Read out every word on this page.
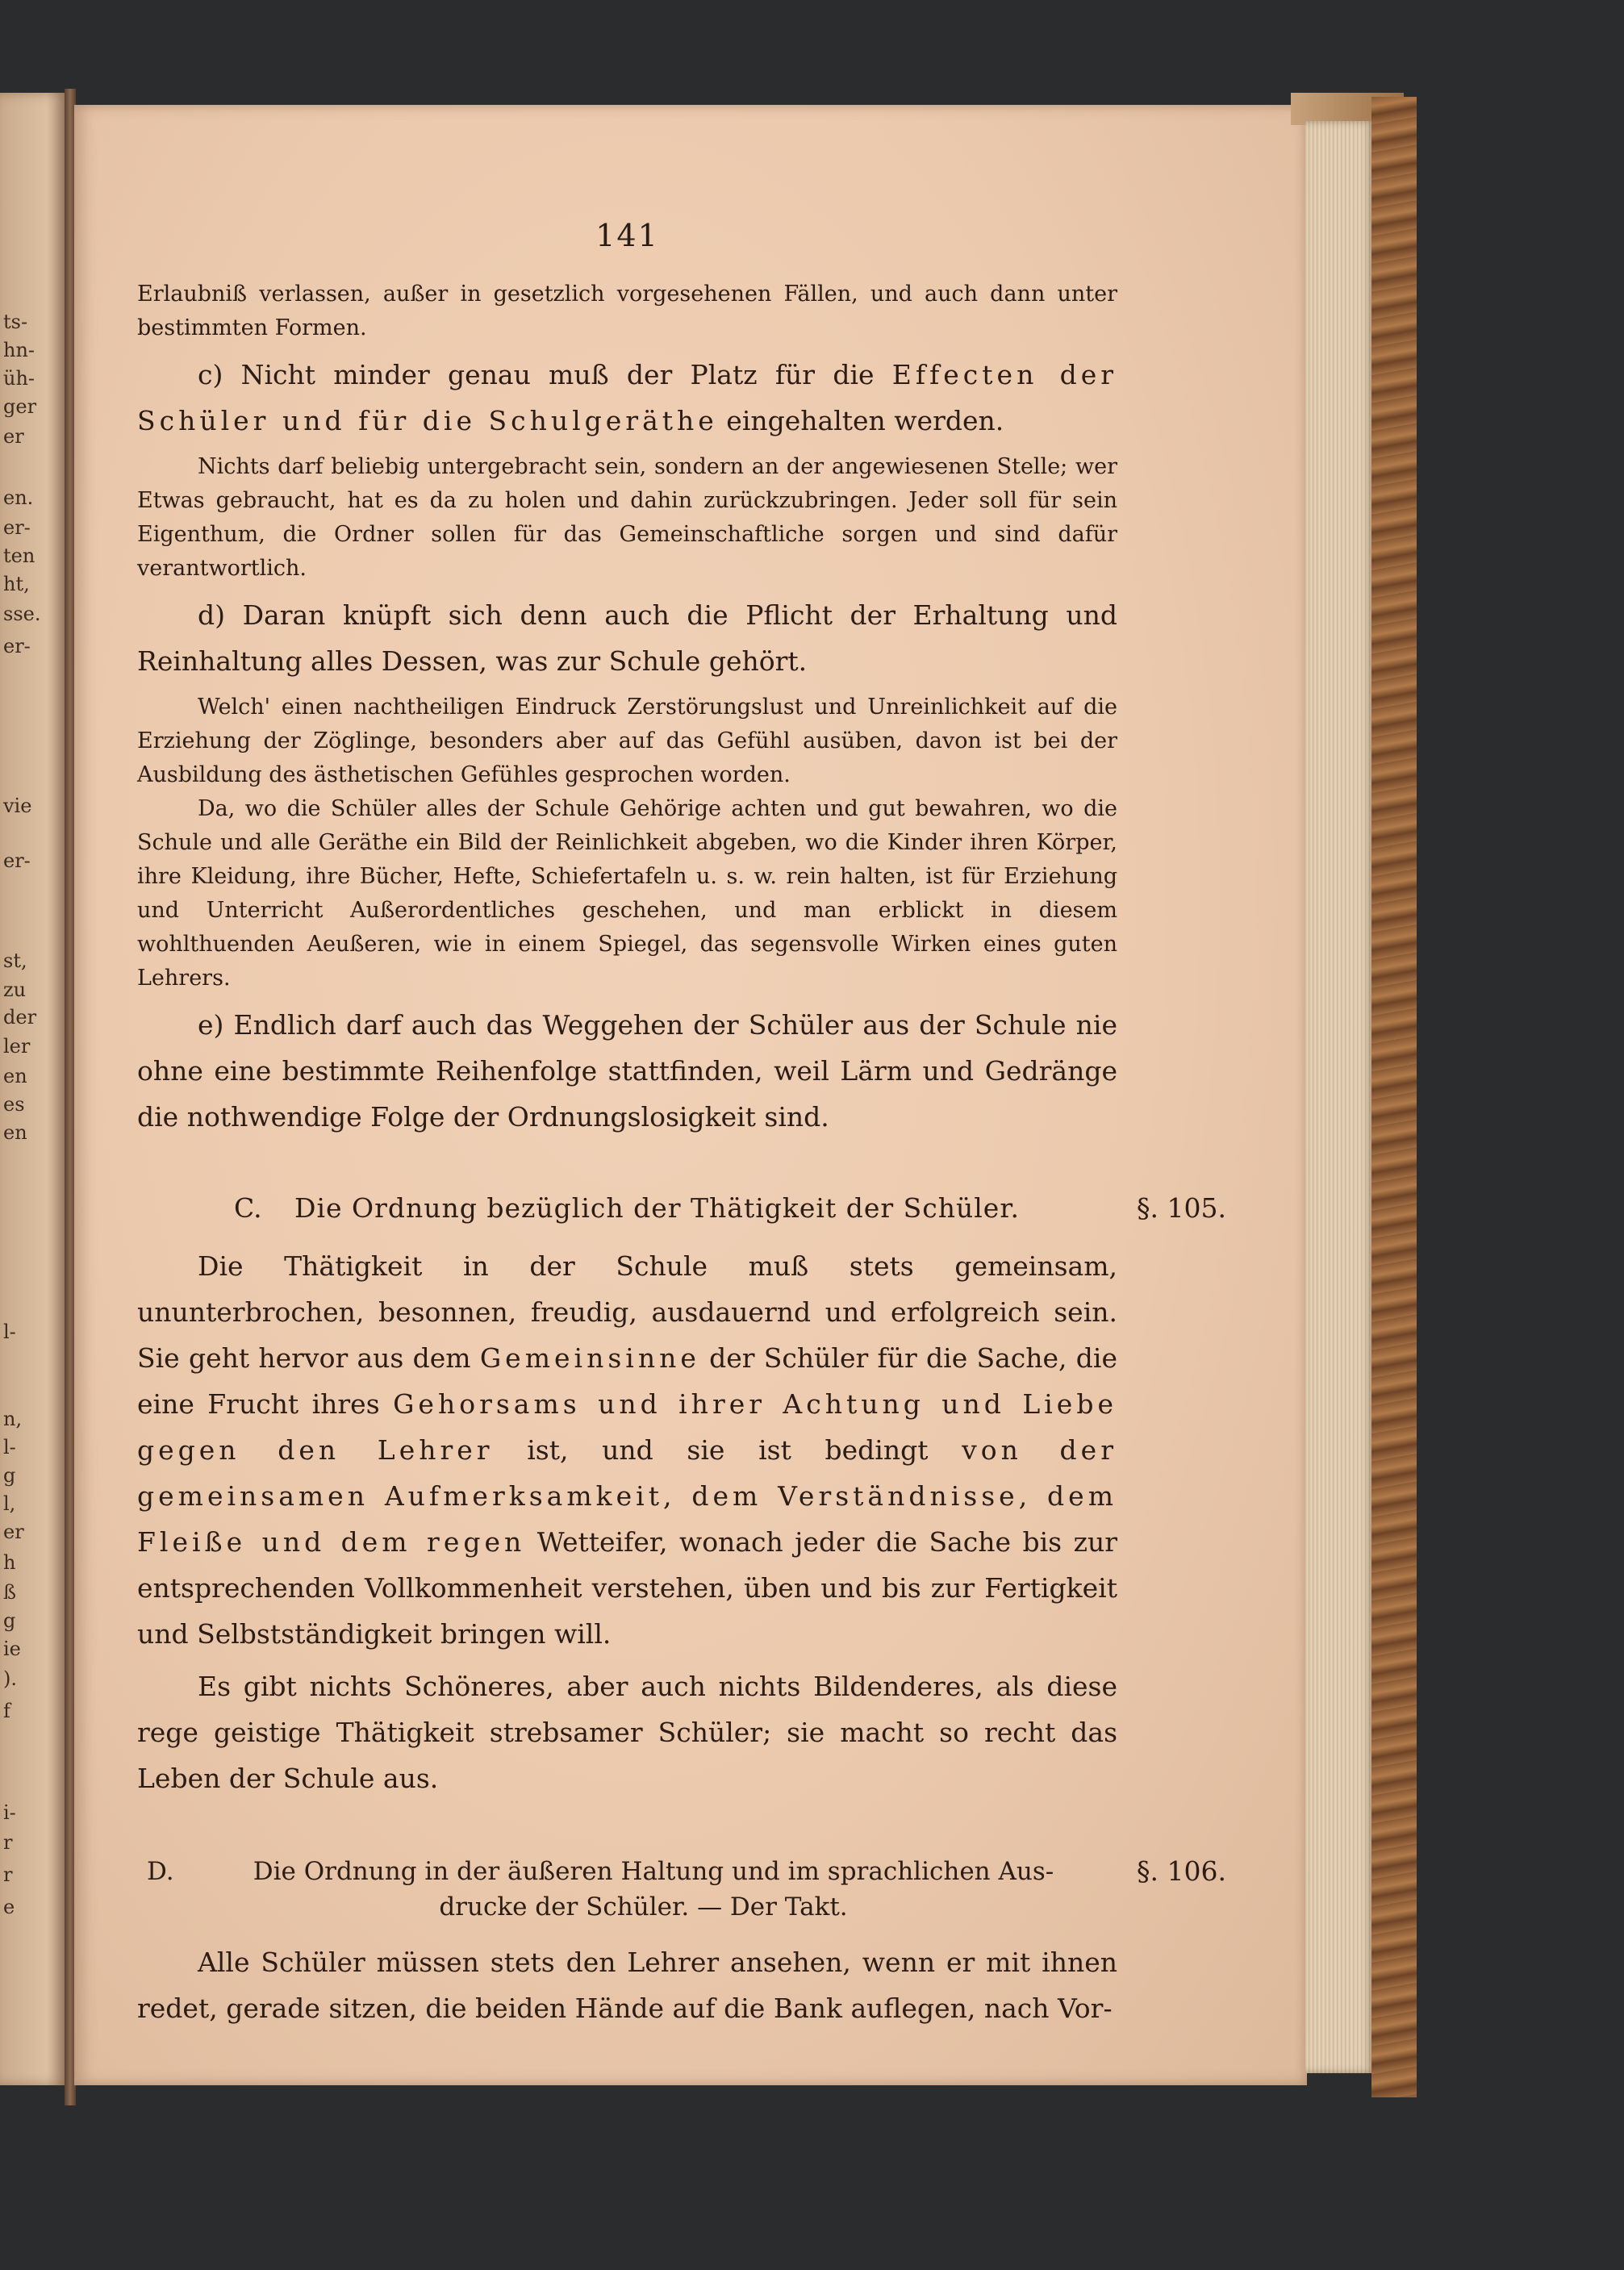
ts-
hn-
üh-
ger
er
en.
er-
ten
ht,
sse.
er-
vie
er-
st,
zu
der
ler
en
es
en
l-
n,
l-
g
l,
er
h
ß
g
ie
).
f
i-
r
r
e
141

Erlaubniß verlassen, außer in gesetzlich vorgesehenen Fällen, und auch dann unter bestimmten Formen.

c) Nicht minder genau muß der Platz für die Effecten der Schüler und für die Schulgeräthe eingehalten werden.

Nichts darf beliebig untergebracht sein, sondern an der angewiesenen Stelle; wer Etwas gebraucht, hat es da zu holen und dahin zurückzubringen. Jeder soll für sein Eigenthum, die Ordner sollen für das Gemeinschaftliche sorgen und sind dafür verantwortlich.

d) Daran knüpft sich denn auch die Pflicht der Erhaltung und Reinhaltung alles Dessen, was zur Schule gehört.

Welch' einen nachtheiligen Eindruck Zerstörungslust und Unreinlichkeit auf die Erziehung der Zöglinge, besonders aber auf das Gefühl ausüben, davon ist bei der Ausbildung des ästhetischen Gefühles gesprochen worden.

Da, wo die Schüler alles der Schule Gehörige achten und gut bewahren, wo die Schule und alle Geräthe ein Bild der Reinlichkeit abgeben, wo die Kinder ihren Körper, ihre Kleidung, ihre Bücher, Hefte, Schiefertafeln u. s. w. rein halten, ist für Erziehung und Unterricht Außerordentliches geschehen, und man erblickt in diesem wohlthuenden Aeußeren, wie in einem Spiegel, das segensvolle Wirken eines guten Lehrers.

e) Endlich darf auch das Weggehen der Schüler aus der Schule nie ohne eine bestimmte Reihenfolge stattfinden, weil Lärm und Gedränge die nothwendige Folge der Ordnungslosigkeit sind.

C. Die Ordnung bezüglich der Thätigkeit der Schüler.	§. 105.

Die Thätigkeit in der Schule muß stets gemeinsam, ununterbrochen, besonnen, freudig, ausdauernd und erfolgreich sein. Sie geht hervor aus dem Gemeinsinne der Schüler für die Sache, die eine Frucht ihres Gehorsams und ihrer Achtung und Liebe gegen den Lehrer ist, und sie ist bedingt von der gemeinsamen Aufmerksamkeit, dem Verständnisse, dem Fleiße und dem regen Wetteifer, wonach jeder die Sache bis zur entsprechenden Vollkommenheit verstehen, üben und bis zur Fertigkeit und Selbstständigkeit bringen will.

Es gibt nichts Schöneres, aber auch nichts Bildenderes, als diese rege geistige Thätigkeit strebsamer Schüler; sie macht so recht das Leben der Schule aus.

D.	Die Ordnung in der äußeren Haltung und im sprachlichen Aus-
drucke der Schüler. — Der Takt.
§. 106.

Alle Schüler müssen stets den Lehrer ansehen, wenn er mit ihnen redet, gerade sitzen, die beiden Hände auf die Bank auflegen, nach Vor-
